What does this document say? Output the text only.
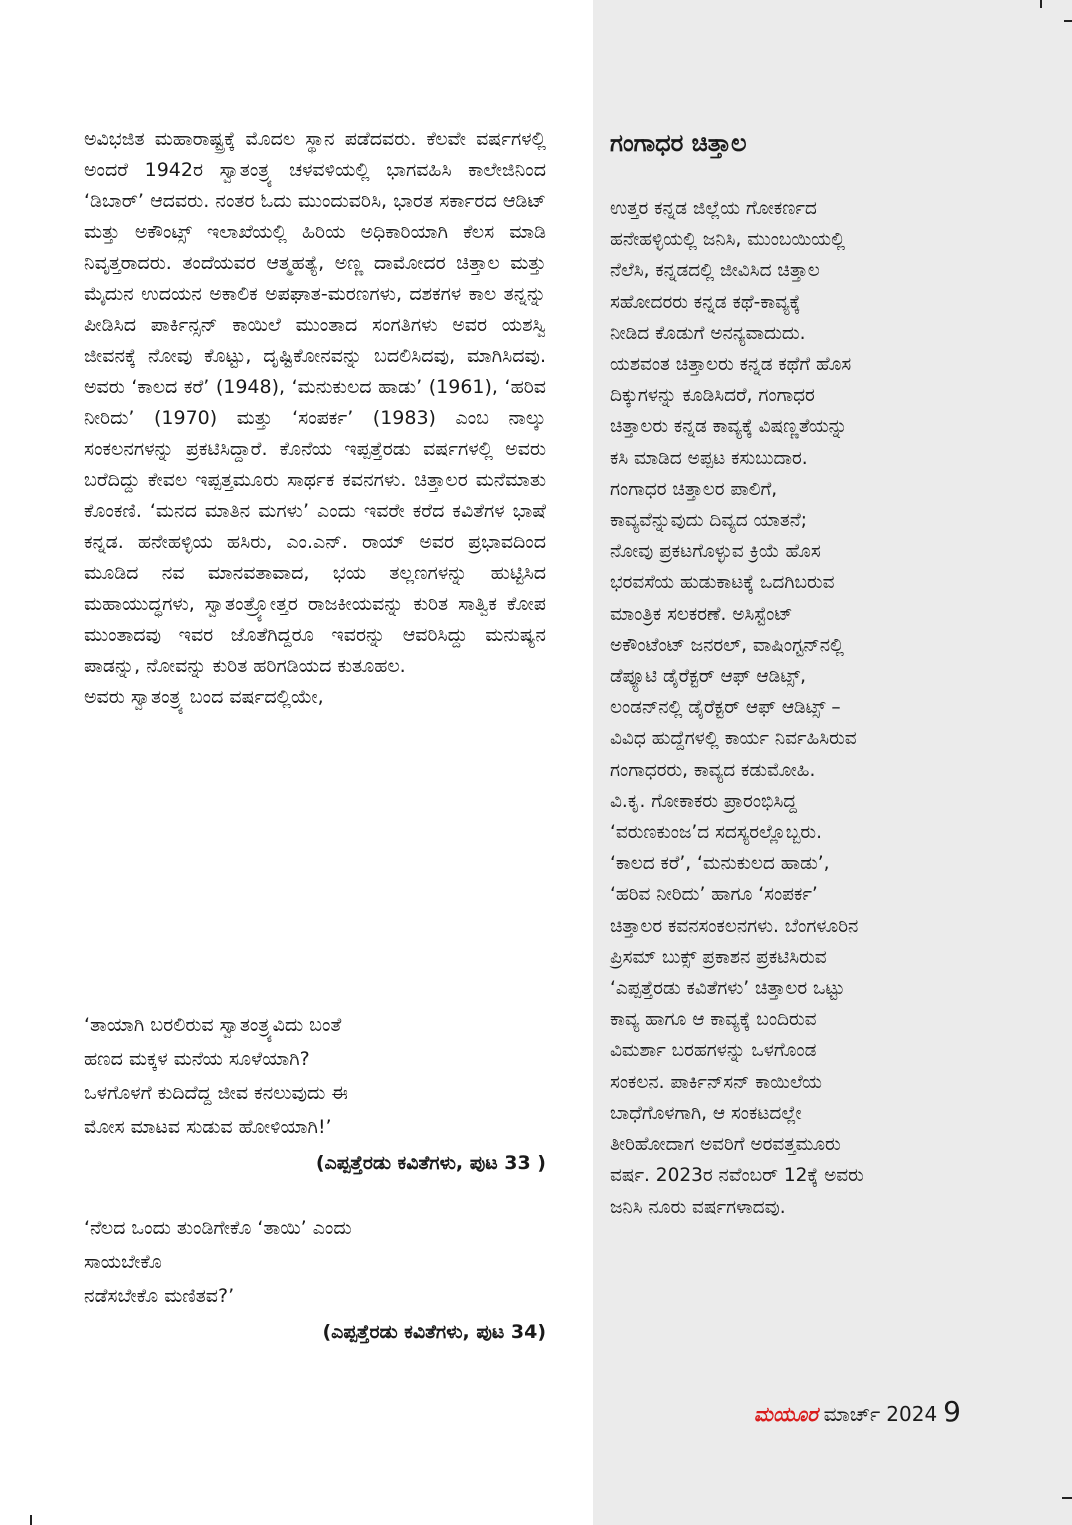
ಅವಿಭಜಿತ ಮಹಾರಾಷ್ಟ್ರಕ್ಕೆ ಮೊದಲ ಸ್ಥಾನ ಪಡೆದವರು. ಕೆಲವೇ ವರ್ಷಗಳಲ್ಲಿ ಅಂದರೆ 1942ರ ಸ್ವಾತಂತ್ರ್ಯ ಚಳವಳಿಯಲ್ಲಿ ಭಾಗವಹಿಸಿ ಕಾಲೇಜಿನಿಂದ ‘ಡಿಬಾರ್’ ಆದವರು. ನಂತರ ಓದು ಮುಂದುವರಿಸಿ, ಭಾರತ ಸರ್ಕಾರದ ಆಡಿಟ್ ಮತ್ತು ಅಕೌಂಟ್ಸ್ ಇಲಾಖೆಯಲ್ಲಿ ಹಿರಿಯ ಅಧಿಕಾರಿಯಾಗಿ ಕೆಲಸ ಮಾಡಿ ನಿವೃತ್ತರಾದರು. ತಂದೆಯವರ ಆತ್ಮಹತ್ಯೆ, ಅಣ್ಣ ದಾಮೋದರ ಚಿತ್ತಾಲ ಮತ್ತು ಮೈದುನ ಉದಯನ ಅಕಾಲಿಕ ಅಪಘಾತ-ಮರಣಗಳು, ದಶಕಗಳ ಕಾಲ ತನ್ನನ್ನು ಪೀಡಿಸಿದ ಪಾರ್ಕಿನ್ಸನ್ ಕಾಯಿಲೆ ಮುಂತಾದ ಸಂಗತಿಗಳು ಅವರ ಯಶಸ್ವಿ ಜೀವನಕ್ಕೆ ನೋವು ಕೊಟ್ಟು, ದೃಷ್ಟಿಕೋನವನ್ನು ಬದಲಿಸಿದವು, ಮಾಗಿಸಿದವು. ಅವರು ‘ಕಾಲದ ಕರೆ’ (1948), ‘ಮನುಕುಲದ ಹಾಡು’ (1961), ‘ಹರಿವ ನೀರಿದು’ (1970) ಮತ್ತು ‘ಸಂಪರ್ಕ’ (1983) ಎಂಬ ನಾಲ್ಕು ಸಂಕಲನಗಳನ್ನು ಪ್ರಕಟಿಸಿದ್ದಾರೆ. ಕೊನೆಯ ಇಪ್ಪತ್ತೆರಡು ವರ್ಷಗಳಲ್ಲಿ ಅವರು ಬರೆದಿದ್ದು ಕೇವಲ ಇಪ್ಪತ್ತಮೂರು ಸಾರ್ಥಕ ಕವನಗಳು. ಚಿತ್ತಾಲರ ಮನೆಮಾತು ಕೊಂಕಣಿ. ‘ಮನದ ಮಾತಿನ ಮಗಳು’ ಎಂದು ಇವರೇ ಕರೆದ ಕವಿತೆಗಳ ಭಾಷೆ ಕನ್ನಡ. ಹನೇಹಳ್ಳಿಯ ಹಸಿರು, ಎಂ.ಎನ್. ರಾಯ್ ಅವರ ಪ್ರಭಾವದಿಂದ ಮೂಡಿದ ನವ ಮಾನವತಾವಾದ, ಭಯ ತಲ್ಲಣಗಳನ್ನು ಹುಟ್ಟಿಸಿದ ಮಹಾಯುದ್ಧಗಳು, ಸ್ವಾತಂತ್ರ್ಯೋತ್ತರ ರಾಜಕೀಯವನ್ನು ಕುರಿತ ಸಾತ್ವಿಕ ಕೋಪ ಮುಂತಾದವು ಇವರ ಜೊತೆಗಿದ್ದರೂ ಇವರನ್ನು ಆವರಿಸಿದ್ದು ಮನುಷ್ಯನ ಪಾಡನ್ನು, ನೋವನ್ನು ಕುರಿತ ಹರಿಗಡಿಯದ ಕುತೂಹಲ.

ಅವರು ಸ್ವಾತಂತ್ರ್ಯ ಬಂದ ವರ್ಷದಲ್ಲಿಯೇ,

‘ತಾಯಾಗಿ ಬರಲಿರುವ ಸ್ವಾತಂತ್ರ್ಯವಿದು ಬಂತೆ
ಹಣದ ಮಕ್ಕಳ ಮನೆಯ ಸೂಳೆಯಾಗಿ?
ಒಳಗೊಳಗೆ ಕುದಿದೆದ್ದ ಜೀವ ಕನಲುವುದು ಈ
ಮೋಸ ಮಾಟವ ಸುಡುವ ಹೋಳಿಯಾಗಿ!’
(ಎಪ್ಪತ್ತೆರಡು ಕವಿತೆಗಳು, ಪುಟ 33 )
‘ನೆಲದ ಒಂದು ತುಂಡಿಗೇಕೊ ‘ತಾಯಿ’ ಎಂದು
ಸಾಯಬೇಕೊ
ನಡೆಸಬೇಕೊ ಮಣಿತವ?’
(ಎಪ್ಪತ್ತೆರಡು ಕವಿತೆಗಳು, ಪುಟ 34)
ಗಂಗಾಧರ ಚಿತ್ತಾಲ
ಉತ್ತರ ಕನ್ನಡ ಜಿಲ್ಲೆಯ ಗೋಕರ್ಣದ
ಹನೇಹಳ್ಳಿಯಲ್ಲಿ ಜನಿಸಿ, ಮುಂಬಯಿಯಲ್ಲಿ
ನೆಲೆಸಿ, ಕನ್ನಡದಲ್ಲಿ ಜೀವಿಸಿದ ಚಿತ್ತಾಲ
ಸಹೋದರರು ಕನ್ನಡ ಕಥೆ-ಕಾವ್ಯಕ್ಕೆ
ನೀಡಿದ ಕೊಡುಗೆ ಅನನ್ಯವಾದುದು.
ಯಶವಂತ ಚಿತ್ತಾಲರು ಕನ್ನಡ ಕಥೆಗೆ ಹೊಸ
ದಿಕ್ಕುಗಳನ್ನು ಕೂಡಿಸಿದರೆ, ಗಂಗಾಧರ
ಚಿತ್ತಾಲರು ಕನ್ನಡ ಕಾವ್ಯಕ್ಕೆ ವಿಷಣ್ಣತೆಯನ್ನು
ಕಸಿ ಮಾಡಿದ ಅಪ್ಪಟ ಕಸುಬುದಾರ.
ಗಂಗಾಧರ ಚಿತ್ತಾಲರ ಪಾಲಿಗೆ,
ಕಾವ್ಯವೆನ್ನುವುದು ದಿವ್ಯದ ಯಾತನೆ;
ನೋವು ಪ್ರಕಟಗೊಳ್ಳುವ ಕ್ರಿಯೆ ಹೊಸ
ಭರವಸೆಯ ಹುಡುಕಾಟಕ್ಕೆ ಒದಗಿಬರುವ
ಮಾಂತ್ರಿಕ ಸಲಕರಣೆ. ಅಸಿಸ್ಟೆಂಟ್
ಅಕೌಂಟೆಂಟ್ ಜನರಲ್, ವಾಷಿಂಗ್ಟನ್‌ನಲ್ಲಿ
ಡೆಪ್ಯೂಟಿ ಡೈರೆಕ್ಟರ್ ಆಫ್ ಆಡಿಟ್ಸ್,
ಲಂಡನ್‌ನಲ್ಲಿ ಡೈರೆಕ್ಟರ್ ಆಫ್ ಆಡಿಟ್ಸ್ –
ವಿವಿಧ ಹುದ್ದೆಗಳಲ್ಲಿ ಕಾರ್ಯ ನಿರ್ವಹಿಸಿರುವ
ಗಂಗಾಧರರು, ಕಾವ್ಯದ ಕಡುಮೋಹಿ.
ವಿ.ಕೃ. ಗೋಕಾಕರು ಪ್ರಾರಂಭಿಸಿದ್ದ
‘ವರುಣಕುಂಜ’ದ ಸದಸ್ಯರಲ್ಲೊಬ್ಬರು.
‘ಕಾಲದ ಕರೆ’, ‘ಮನುಕುಲದ ಹಾಡು’,
‘ಹರಿವ ನೀರಿದು’ ಹಾಗೂ ‘ಸಂಪರ್ಕ’
ಚಿತ್ತಾಲರ ಕವನಸಂಕಲನಗಳು. ಬೆಂಗಳೂರಿನ
ಪ್ರಿಸಮ್ ಬುಕ್ಸ್ ಪ್ರಕಾಶನ ಪ್ರಕಟಿಸಿರುವ
‘ಎಪ್ಪತ್ತೆರಡು ಕವಿತೆಗಳು’ ಚಿತ್ತಾಲರ ಒಟ್ಟು
ಕಾವ್ಯ ಹಾಗೂ ಆ ಕಾವ್ಯಕ್ಕೆ ಬಂದಿರುವ
ವಿಮರ್ಶಾ ಬರಹಗಳನ್ನು ಒಳಗೊಂಡ
ಸಂಕಲನ. ಪಾರ್ಕಿನ್‌ಸನ್ ಕಾಯಿಲೆಯ
ಬಾಧೆಗೊಳಗಾಗಿ, ಆ ಸಂಕಟದಲ್ಲೇ
ತೀರಿಹೋದಾಗ ಅವರಿಗೆ ಅರವತ್ತಮೂರು
ವರ್ಷ. 2023ರ ನವೆಂಬರ್ 12ಕ್ಕೆ ಅವರು
ಜನಿಸಿ ನೂರು ವರ್ಷಗಳಾದವು.
ಮಯೂರ ಮಾರ್ಚ್ 2024 9
